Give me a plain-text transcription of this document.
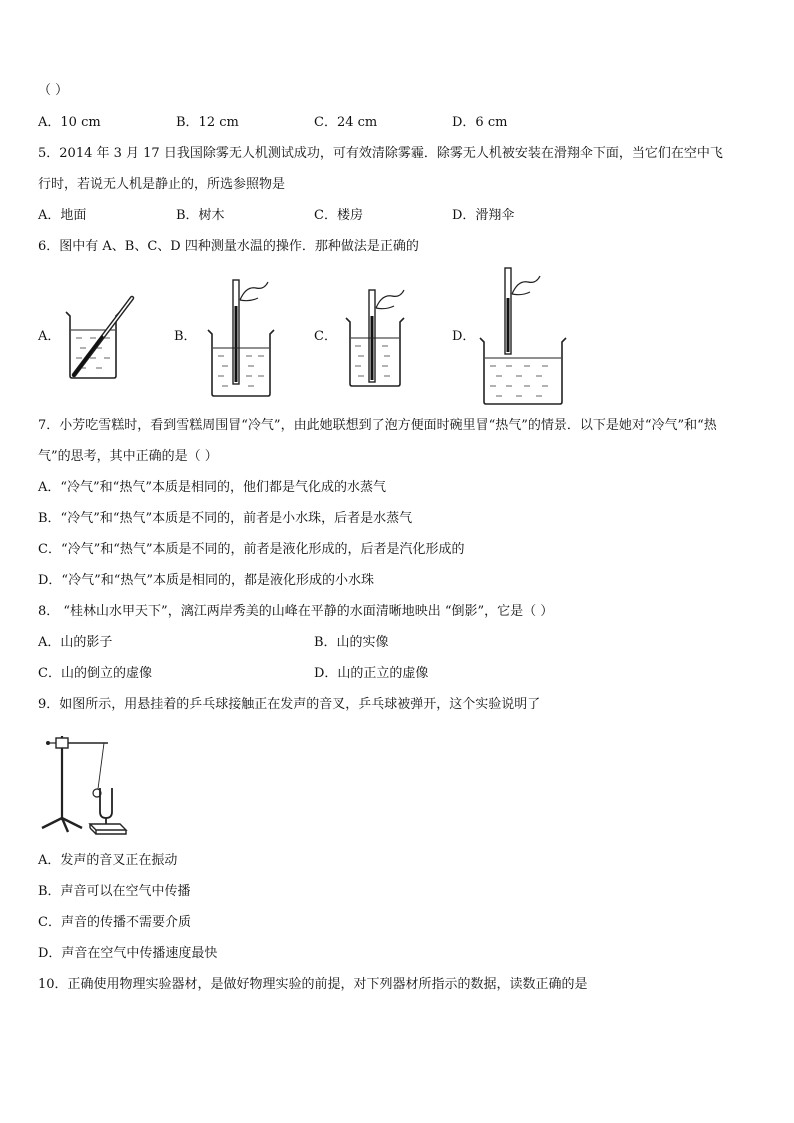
（ ）
A．10 cm	B．12 cm	C．24 cm	D．6 cm
5．2014 年 3 月 17 日我国除雾无人机测试成功，可有效清除雾霾．除雾无人机被安装在滑翔伞下面，当它们在空中飞
行时，若说无人机是静止的，所选参照物是
A．地面	B．树木	C．楼房	D．滑翔伞
6．图中有 A、B、C、D 四种测量水温的操作．那种做法是正确的
A．	B．	C．	D．
7．小芳吃雪糕时，看到雪糕周围冒“冷气”，由此她联想到了泡方便面时碗里冒“热气”的情景．以下是她对“冷气”和“热
气”的思考，其中正确的是（ ）
A．“冷气”和“热气”本质是相同的，他们都是气化成的水蒸气
B．“冷气”和“热气”本质是不同的，前者是小水珠，后者是水蒸气
C．“冷气”和“热气”本质是不同的，前者是液化形成的，后者是汽化形成的
D．“冷气”和“热气”本质是相同的，都是液化形成的小水珠
8． “桂林山水甲天下”，漓江两岸秀美的山峰在平静的水面清晰地映出 “倒影”，它是（ ）
A．山的影子	B．山的实像
C．山的倒立的虚像	D．山的正立的虚像
9．如图所示，用悬挂着的乒乓球接触正在发声的音叉，乒乓球被弹开，这个实验说明了
A．发声的音叉正在振动
B．声音可以在空气中传播
C．声音的传播不需要介质
D．声音在空气中传播速度最快
10．正确使用物理实验器材，是做好物理实验的前提，对下列器材所指示的数据，读数正确的是
